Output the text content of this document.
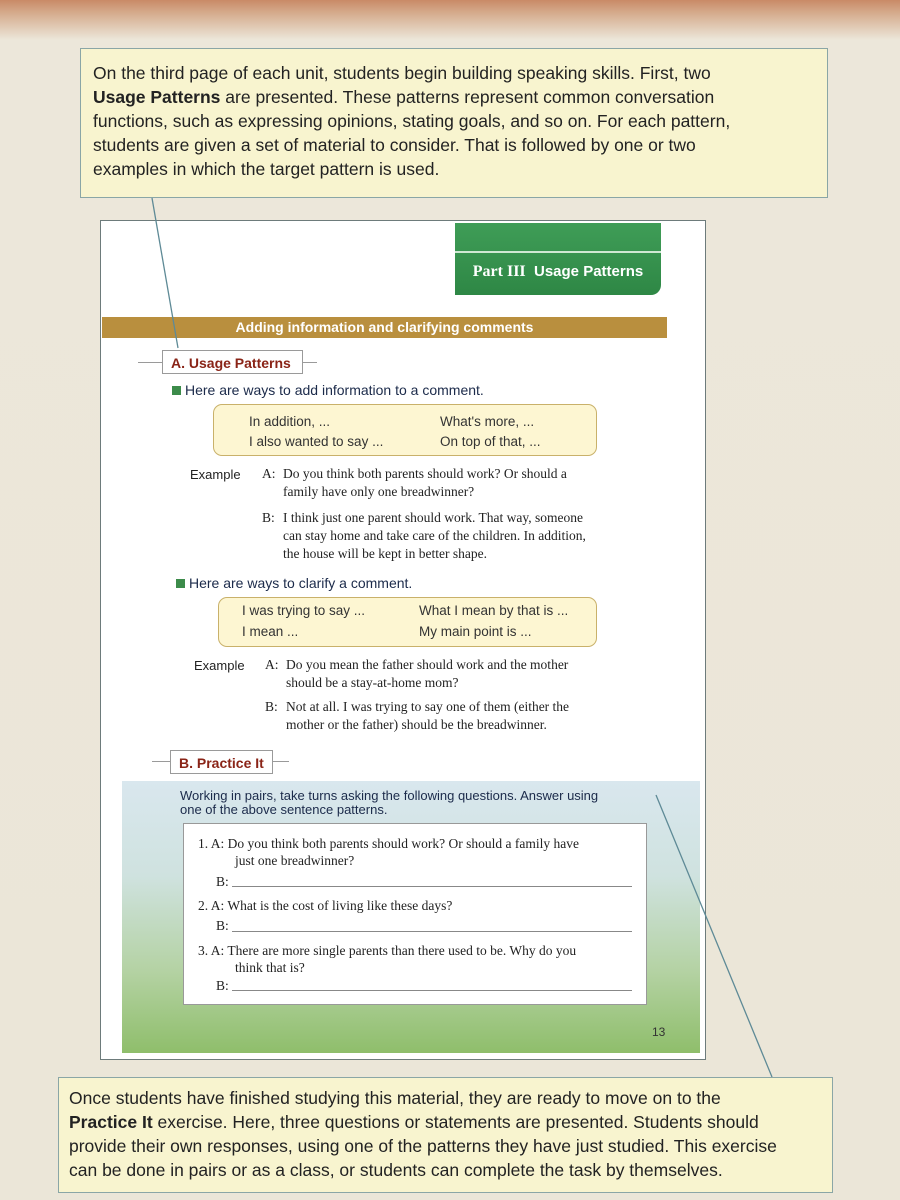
On the third page of each unit, students begin building speaking skills. First, two

Usage Patterns are presented. These patterns represent common conversation

functions, such as expressing opinions, stating goals, and so on. For each pattern,

students are given a set of material to consider. That is followed by one or two

examples in which the target pattern is used.

Part III Usage Patterns
Adding information and clarifying comments
A. Usage Patterns
Here are ways to add information to a comment.
In addition, ...	What's more, ...
I also wanted to say ...	On top of that, ...
Example A: Do you think both parents should work? Or should a
family have only one breadwinner?
B: I think just one parent should work. That way, someone
can stay home and take care of the children. In addition,
the house will be kept in better shape.
Here are ways to clarify a comment.
I was trying to say ...	What I mean by that is ...
I mean ...	My main point is ...
Example A: Do you mean the father should work and the mother
should be a stay-at-home mom?
B: Not at all. I was trying to say one of them (either the
mother or the father) should be the breadwinner.
B. Practice It
Working in pairs, take turns asking the following questions. Answer using
one of the above sentence patterns.
1. A: Do you think both parents should work? Or should a family have
just one breadwinner?
B:
2. A: What is the cost of living like these days?
B:
3. A: There are more single parents than there used to be. Why do you
think that is?
B:
13

Once students have finished studying this material, they are ready to move on to the

Practice It exercise. Here, three questions or statements are presented. Students should

provide their own responses, using one of the patterns they have just studied. This exercise

can be done in pairs or as a class, or students can complete the task by themselves.
